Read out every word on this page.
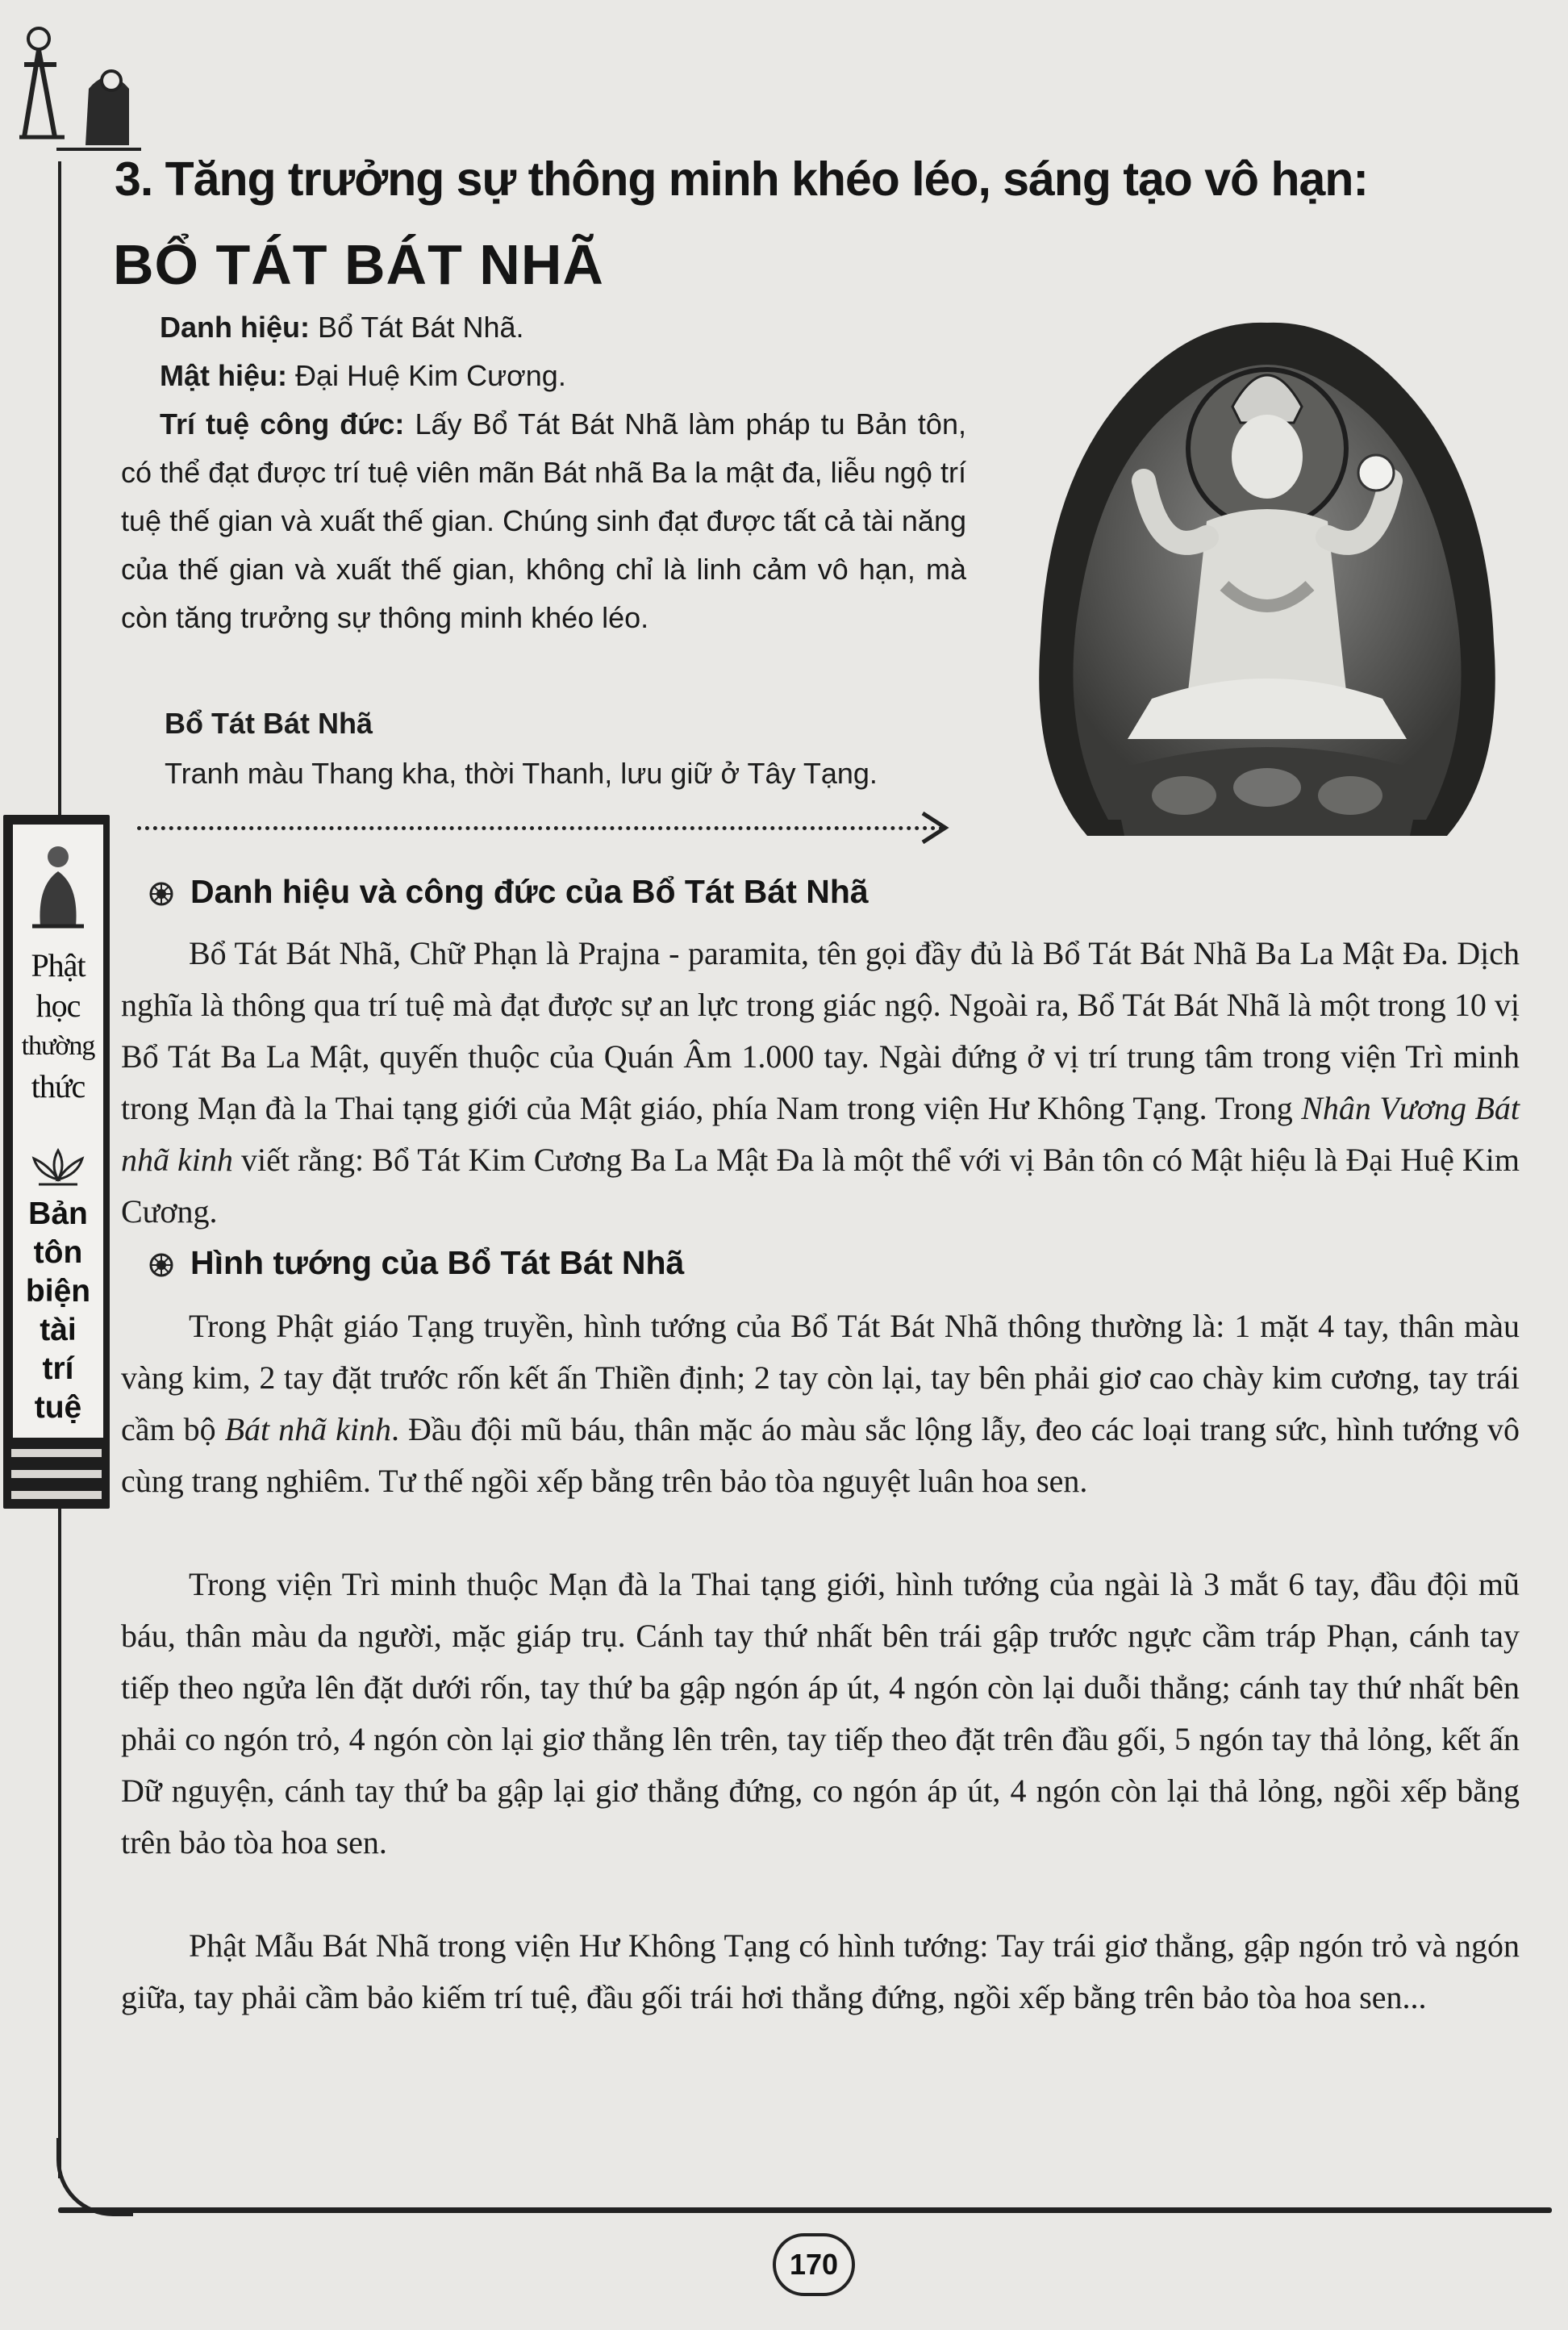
Phật
học
thường
thức
Bản
tôn
biện
tài
trí
tuệ
3. Tăng trưởng sự thông minh khéo léo, sáng tạo vô hạn:
BỔ TÁT BÁT NHÃ

Danh hiệu: Bổ Tát Bát Nhã.

Mật hiệu: Đại Huệ Kim Cương.

Trí tuệ công đức: Lấy Bổ Tát Bát Nhã làm pháp tu Bản tôn, có thể đạt được trí tuệ viên mãn Bát nhã Ba la mật đa, liễu ngộ trí tuệ thế gian và xuất thế gian. Chúng sinh đạt được tất cả tài năng của thế gian và xuất thế gian, không chỉ là linh cảm vô hạn, mà còn tăng trưởng sự thông minh khéo léo.

Bổ Tát Bát Nhã
Tranh màu Thang kha, thời Thanh, lưu giữ ở Tây Tạng.
Danh hiệu và công đức của Bổ Tát Bát Nhã

Bổ Tát Bát Nhã, Chữ Phạn là Prajna - paramita, tên gọi đầy đủ là Bổ Tát Bát Nhã Ba La Mật Đa. Dịch nghĩa là thông qua trí tuệ mà đạt được sự an lực trong giác ngộ. Ngoài ra, Bổ Tát Bát Nhã là một trong 10 vị Bổ Tát Ba La Mật, quyến thuộc của Quán Âm 1.000 tay. Ngài đứng ở vị trí trung tâm trong viện Trì minh trong Mạn đà la Thai tạng giới của Mật giáo, phía Nam trong viện Hư Không Tạng. Trong Nhân Vương Bát nhã kinh viết rằng: Bổ Tát Kim Cương Ba La Mật Đa là một thể với vị Bản tôn có Mật hiệu là Đại Huệ Kim Cương.

Hình tướng của Bổ Tát Bát Nhã

Trong Phật giáo Tạng truyền, hình tướng của Bổ Tát Bát Nhã thông thường là: 1 mặt 4 tay, thân màu vàng kim, 2 tay đặt trước rốn kết ấn Thiền định; 2 tay còn lại, tay bên phải giơ cao chày kim cương, tay trái cầm bộ Bát nhã kinh. Đầu đội mũ báu, thân mặc áo màu sắc lộng lẫy, đeo các loại trang sức, hình tướng vô cùng trang nghiêm. Tư thế ngồi xếp bằng trên bảo tòa nguyệt luân hoa sen.

Trong viện Trì minh thuộc Mạn đà la Thai tạng giới, hình tướng của ngài là 3 mắt 6 tay, đầu đội mũ báu, thân màu da người, mặc giáp trụ. Cánh tay thứ nhất bên trái gập trước ngực cầm tráp Phạn, cánh tay tiếp theo ngửa lên đặt dưới rốn, tay thứ ba gập ngón áp út, 4 ngón còn lại duỗi thẳng; cánh tay thứ nhất bên phải co ngón trỏ, 4 ngón còn lại giơ thẳng lên trên, tay tiếp theo đặt trên đầu gối, 5 ngón tay thả lỏng, kết ấn Dữ nguyện, cánh tay thứ ba gập lại giơ thẳng đứng, co ngón áp út, 4 ngón còn lại thả lỏng, ngồi xếp bằng trên bảo tòa hoa sen.

Phật Mẫu Bát Nhã trong viện Hư Không Tạng có hình tướng: Tay trái giơ thẳng, gập ngón trỏ và ngón giữa, tay phải cầm bảo kiếm trí tuệ, đầu gối trái hơi thẳng đứng, ngồi xếp bằng trên bảo tòa hoa sen...

170
